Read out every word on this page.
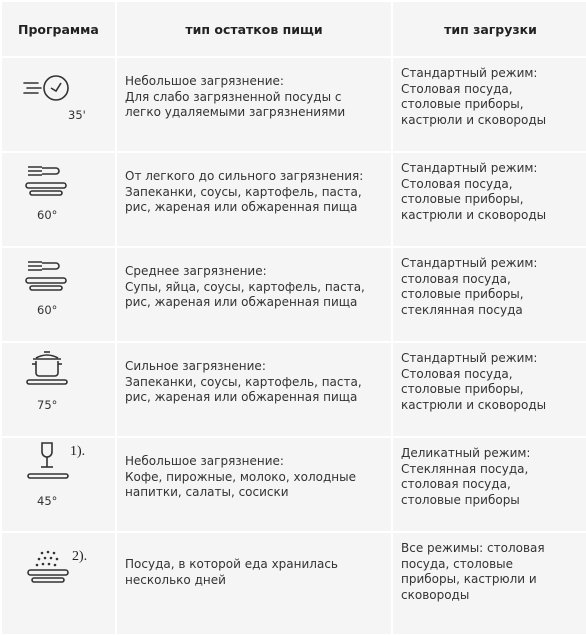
Программа	тип остатков пищи	тип загрузки

35'	Небольшое загрязнение:
Для слабо загрязненной посуды с
легко удаляемыми загрязнениями	Стандартный режим:
Столовая посуда,
столовые приборы,
кастрюли и сковороды

60°	От легкого до сильного загрязнения:
Запеканки, соусы, картофель, паста,
рис, жареная или обжаренная пища	Стандартный режим:
Столовая посуда,
столовые приборы,
кастрюли и сковороды

60°	Среднее загрязнение:
Супы, яйца, соусы, картофель, паста,
рис, жареная или обжаренная пища	Стандартный режим:
столовая посуда,
столовые приборы,
стеклянная посуда

75°	Сильное загрязнение:
Запеканки, соусы, картофель, паста,
рис, жареная или обжаренная пища	Стандартный режим:
Столовая посуда,
столовые приборы,
кастрюли и сковороды

1).
45°	Небольшое загрязнение:
Кофе, пирожные, молоко, холодные
напитки, салаты, сосиски	Деликатный режим:
Стеклянная посуда,
столовая посуда,
столовые приборы

2).	Посуда, в которой еда хранилась
несколько дней	Все режимы: столовая
посуда, столовые
приборы, кастрюли и
сковороды
